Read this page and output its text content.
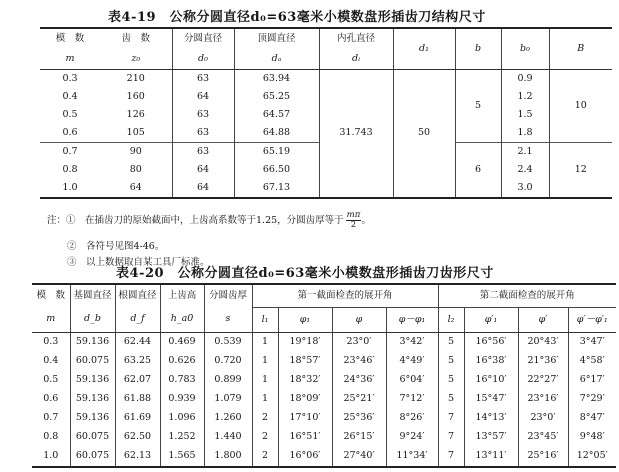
表4-19　公称分圆直径d₀=63毫米小模数盘形插齿刀结构尺寸
模　数	齿　数	分圆直径	顶圆直径	内孔直径	d₁	b	b₀	B
m	z₀	d₀	dₐ	dᵢ				
0.3	210	63	63.94	31.743	50	5	0.9	10
0.4	160	64	65.25				1.2	
0.5	126	63	64.57				1.5	
0.6	105	63	64.88				1.8	
0.7	90	63	65.19			6	2.1	12
0.8	80	64	66.50				2.4	
1.0	64	64	67.13				3.0	
注：①　在插齿刀的原始截面中，上齿高系数等于1.25，分圆齿厚等于 $\frac{m\pi}{2}$ 。
②　各符号见图4-46。
③　以上数据取自某工具厂标准。
表4-20　公称分圆直径d₀=63毫米小模数盘形插齿刀齿形尺寸
模　数	基圆直径	根圆直径	上齿高	分圆齿厚	第一截面检查的展开角				第二截面检查的展开角			
m	d_b	d_f	h_a0	s	l₁	φ₁	φ	φ－φ₁	l₂	φ′₁	φ′	φ′－φ′₁
0.3	59.136	62.44	0.469	0.539	1	19°18′	23°0′	3°42′	5	16°56′	20°43′	3°47′
0.4	60.075	63.25	0.626	0.720	1	18°57′	23°46′	4°49′	5	16°38′	21°36′	4°58′
0.5	59.136	62.07	0.783	0.899	1	18°32′	24°36′	6°04′	5	16°10′	22°27′	6°17′
0.6	59.136	61.88	0.939	1.079	1	18°09′	25°21′	7°12′	5	15°47′	23°16′	7°29′
0.7	59.136	61.69	1.096	1.260	2	17°10′	25°36′	8°26′	7	14°13′	23°0′	8°47′
0.8	60.075	62.50	1.252	1.440	2	16°51′	26°15′	9°24′	7	13°57′	23°45′	9°48′
1.0	60.075	62.13	1.565	1.800	2	16°06′	27°40′	11°34′	7	13°11′	25°16′	12°05′
